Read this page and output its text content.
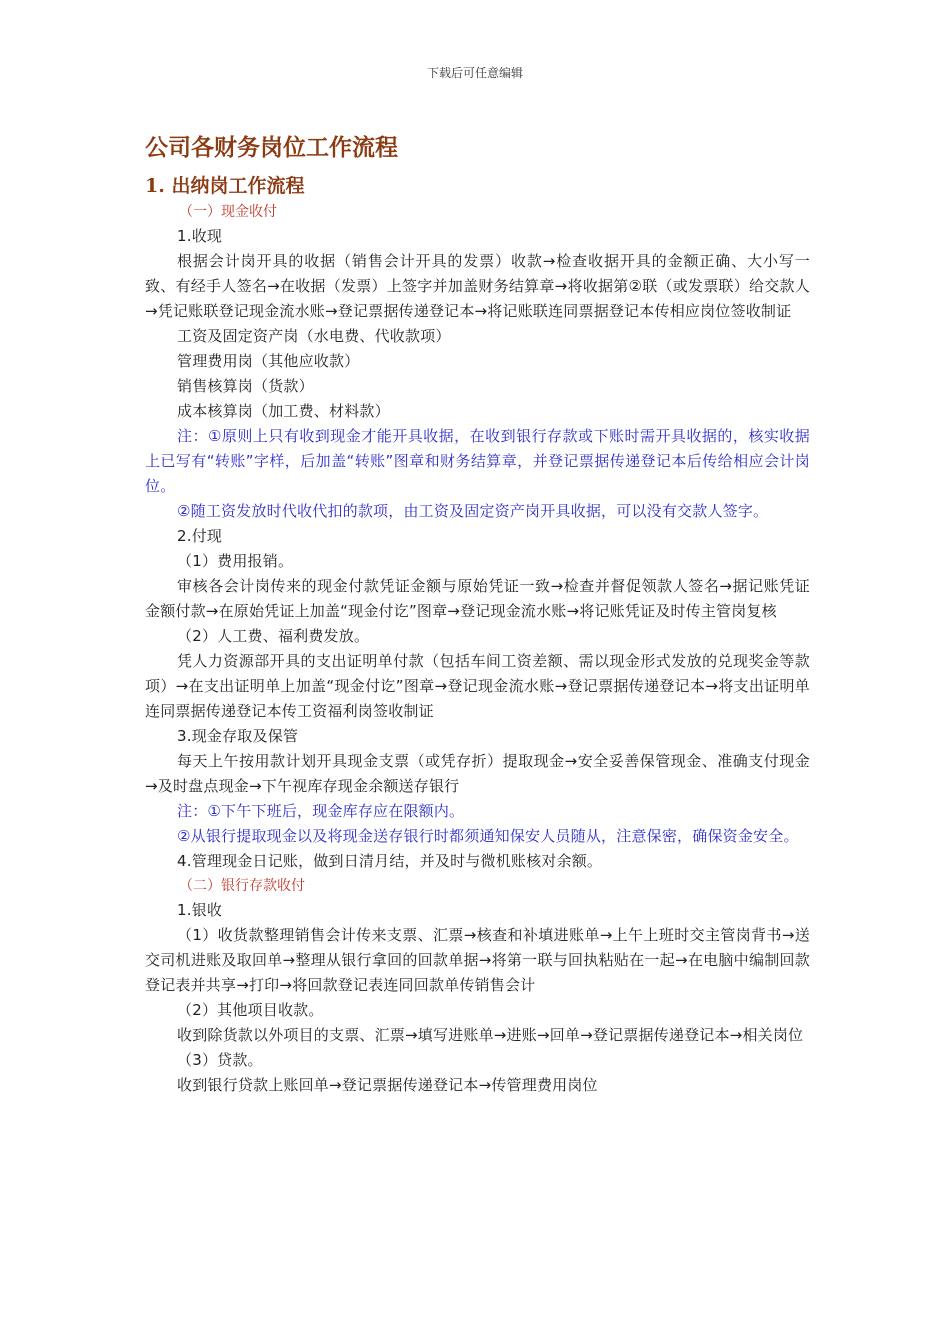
下载后可任意编辑
公司各财务岗位工作流程
1. 出纳岗工作流程
（一）现金收付

1.收现

根据会计岗开具的收据（销售会计开具的发票）收款→检查收据开具的金额正确、大小写一致、有经手人签名→在收据（发票）上签字并加盖财务结算章→将收据第②联（或发票联）给交款人→凭记账联登记现金流水账→登记票据传递登记本→将记账联连同票据登记本传相应岗位签收制证

工资及固定资产岗（水电费、代收款项）

管理费用岗（其他应收款）

销售核算岗（货款）

成本核算岗（加工费、材料款）

注：①原则上只有收到现金才能开具收据，在收到银行存款或下账时需开具收据的，核实收据上已写有“转账”字样，后加盖“转账”图章和财务结算章，并登记票据传递登记本后传给相应会计岗位。

②随工资发放时代收代扣的款项，由工资及固定资产岗开具收据，可以没有交款人签字。

2.付现

（1）费用报销。

审核各会计岗传来的现金付款凭证金额与原始凭证一致→检查并督促领款人签名→据记账凭证金额付款→在原始凭证上加盖“现金付讫”图章→登记现金流水账→将记账凭证及时传主管岗复核

（2）人工费、福利费发放。

凭人力资源部开具的支出证明单付款（包括车间工资差额、需以现金形式发放的兑现奖金等款项）→在支出证明单上加盖“现金付讫”图章→登记现金流水账→登记票据传递登记本→将支出证明单连同票据传递登记本传工资福利岗签收制证

3.现金存取及保管

每天上午按用款计划开具现金支票（或凭存折）提取现金→安全妥善保管现金、准确支付现金→及时盘点现金→下午视库存现金余额送存银行

注：①下午下班后，现金库存应在限额内。

②从银行提取现金以及将现金送存银行时都须通知保安人员随从，注意保密，确保资金安全。

4.管理现金日记账，做到日清月结，并及时与微机账核对余额。

（二）银行存款收付

1.银收

（1）收货款整理销售会计传来支票、汇票→核查和补填进账单→上午上班时交主管岗背书→送交司机进账及取回单→整理从银行拿回的回款单据→将第一联与回执粘贴在一起→在电脑中编制回款登记表并共享→打印→将回款登记表连同回款单传销售会计

（2）其他项目收款。

收到除货款以外项目的支票、汇票→填写进账单→进账→回单→登记票据传递登记本→相关岗位

（3）贷款。

收到银行贷款上账回单→登记票据传递登记本→传管理费用岗位
